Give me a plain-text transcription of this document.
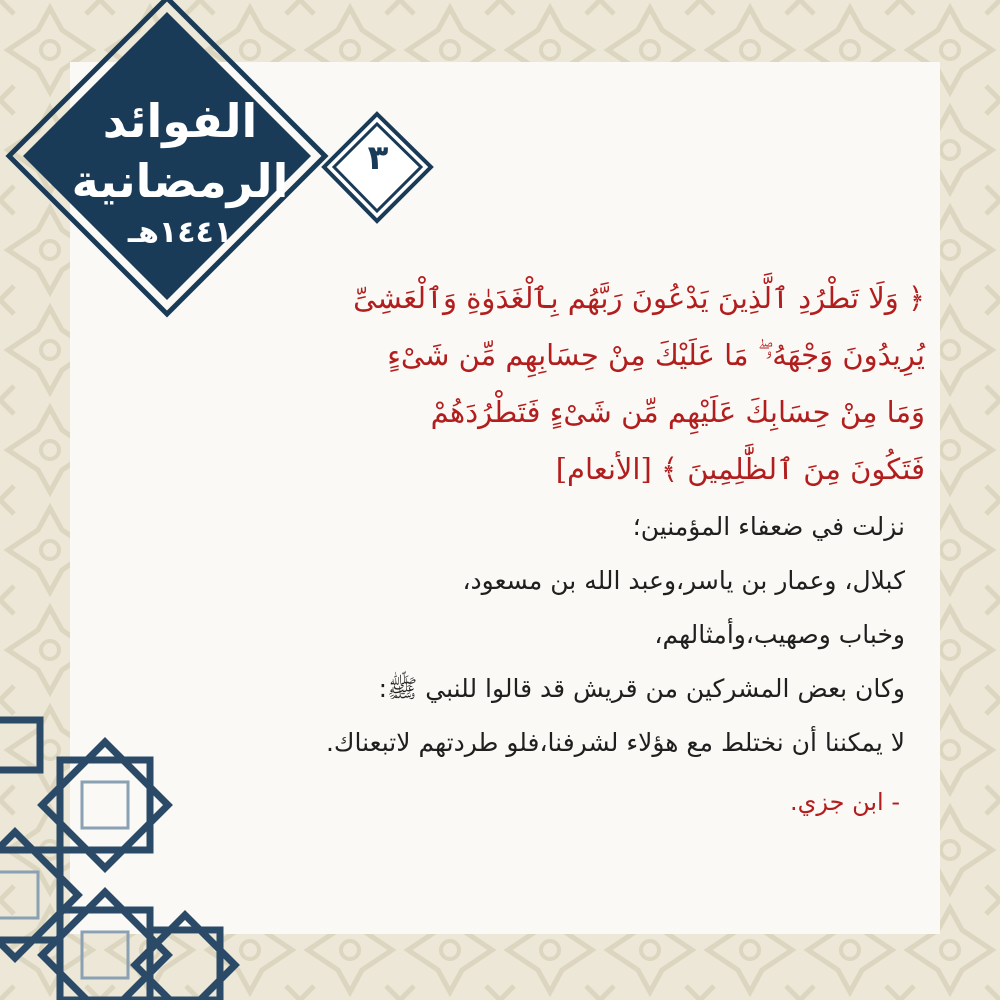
الفوائد
الرمضانية
١٤٤١هـ
٣
﴿ وَلَا تَطْرُدِ ٱلَّذِينَ يَدْعُونَ رَبَّهُم بِٱلْغَدَوٰةِ وَٱلْعَشِىِّ
يُرِيدُونَ وَجْهَهُۥ ۖ مَا عَلَيْكَ مِنْ حِسَابِهِم مِّن شَىْءٍ
وَمَا مِنْ حِسَابِكَ عَلَيْهِم مِّن شَىْءٍ فَتَطْرُدَهُمْ
فَتَكُونَ مِنَ ٱلظَّٰلِمِينَ ﴾ [الأنعام]
نزلت في ضعفاء المؤمنين؛
كبلال، وعمار بن ياسر،وعبد الله بن مسعود،
وخباب وصهيب،وأمثالهم،
وكان بعض المشركين من قريش قد قالوا للنبي ﷺ:
لا يمكننا أن نختلط مع هؤلاء لشرفنا،فلو طردتهم لاتبعناك.
- ابن جزي.
